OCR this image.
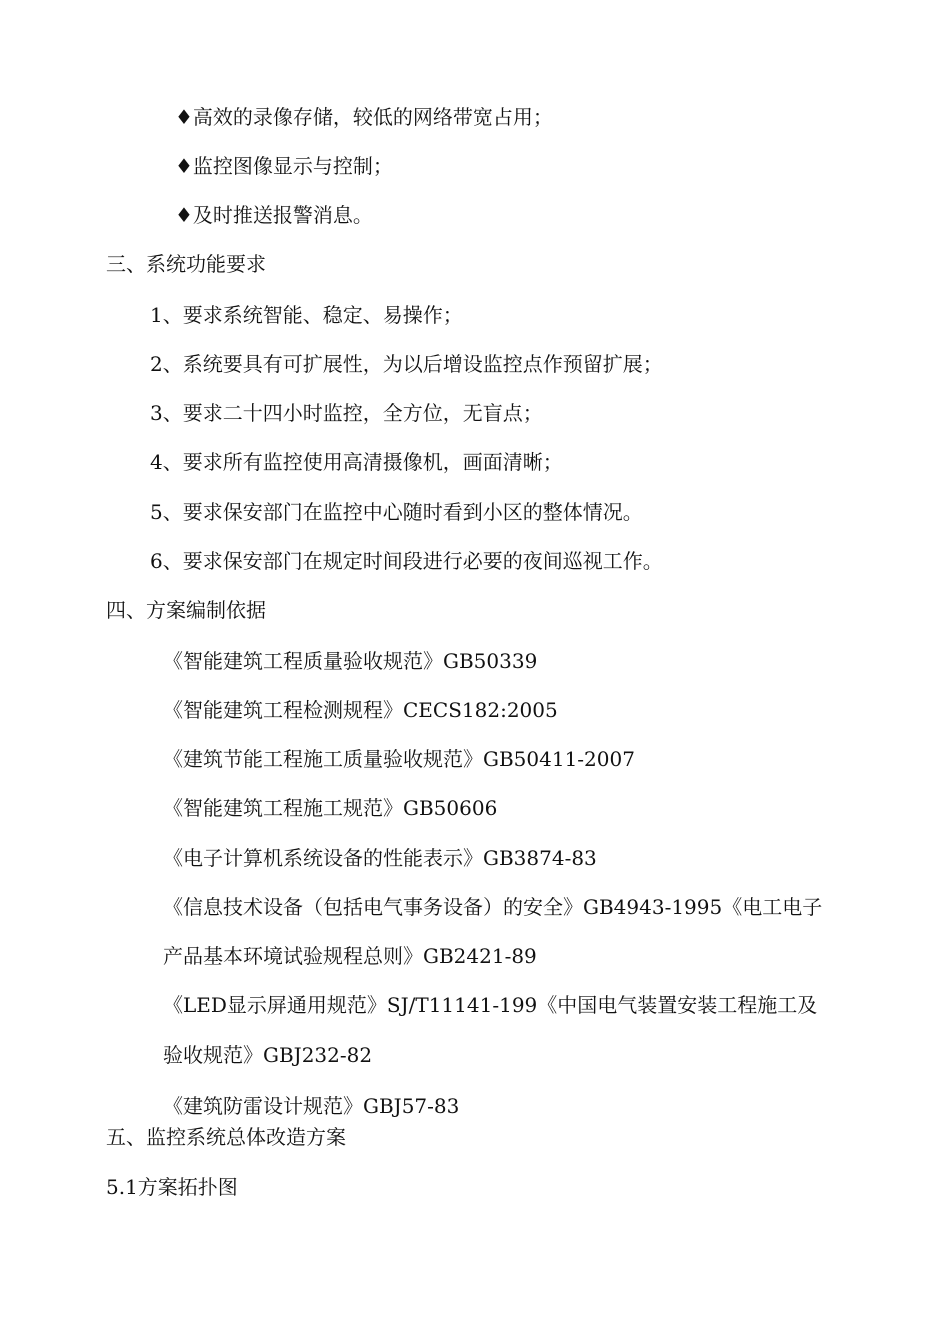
♦高效的录像存储，较低的网络带宽占用；
♦监控图像显示与控制；
♦及时推送报警消息。
三、系统功能要求
1、要求系统智能、稳定、易操作；
2、系统要具有可扩展性，为以后增设监控点作预留扩展；
3、要求二十四小时监控，全方位，无盲点；
4、要求所有监控使用高清摄像机，画面清晰；
5、要求保安部门在监控中心随时看到小区的整体情况。
6、要求保安部门在规定时间段进行必要的夜间巡视工作。
四、方案编制依据
《智能建筑工程质量验收规范》GB50339
《智能建筑工程检测规程》CECS182:2005
《建筑节能工程施工质量验收规范》GB50411-2007
《智能建筑工程施工规范》GB50606
《电子计算机系统设备的性能表示》GB3874-83
《信息技术设备（包括电气事务设备）的安全》GB4943-1995《电工电子
产品基本环境试验规程总则》GB2421-89
《LED显示屏通用规范》SJ/T11141-199《中国电气装置安装工程施工及
验收规范》GBJ232-82
《建筑防雷设计规范》GBJ57-83
五、监控系统总体改造方案
5.1方案拓扑图
